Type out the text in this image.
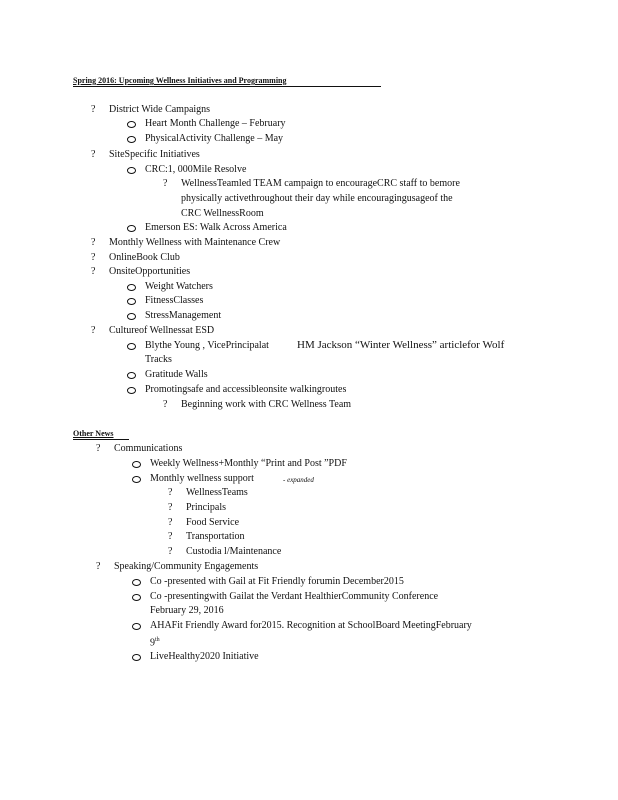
Spring 2016: Upcoming Wellness Initiatives and Programming
? District Wide Campaigns
Heart Month Challenge – February
PhysicalActivity Challenge – May
? SiteSpecific Initiatives
CRC:1, 000Mile Resolve
? WellnessTeamled TEAM campaign to encourageCRC staff to bemore
physically activethroughout their day while encouragingusageof the
CRC WellnessRoom
Emerson ES: Walk Across America
? Monthly Wellness with Maintenance Crew
? OnlineBook Club
? OnsiteOpportunities
Weight Watchers
FitnessClasses
StressManagement
? Cultureof Wellnessat ESD
Blythe Young , VicePrincipalat	HM Jackson “Winter Wellness” articlefor Wolf
Tracks
Gratitude Walls
Promotingsafe and accessibleonsite walkingroutes
? Beginning work with CRC Wellness Team
Other News
? Communications
Weekly Wellness+Monthly “Print and Post ”PDF
Monthly wellness support	- expanded
? WellnessTeams
? Principals
? Food Service
? Transportation
? Custodia l/Maintenance
? Speaking/Community Engagements
Co -presented with Gail at Fit Friendly forumin December2015
Co -presentingwith Gailat the Verdant HealthierCommunity Conference
February 29, 2016
AHAFit Friendly Award for2015. Recognition at SchoolBoard MeetingFebruary
9th
LiveHealthy2020 Initiative
